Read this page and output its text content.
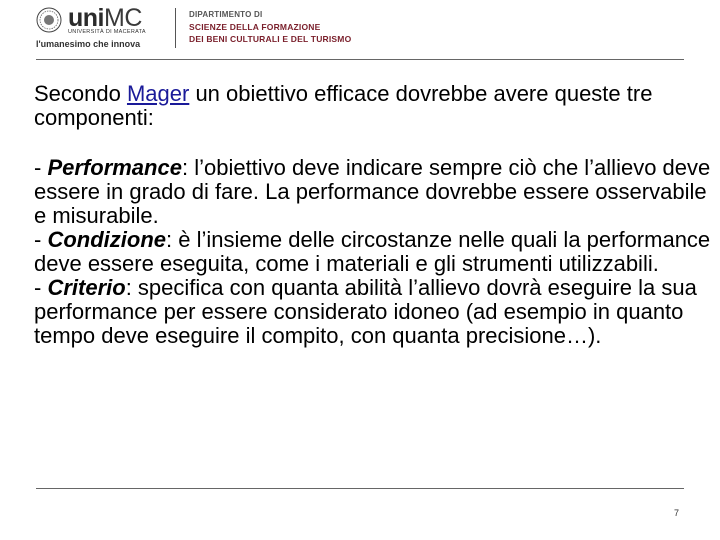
uniMC
UNIVERSITÀ DI MACERATA
l'umanesimo che innova
DIPARTIMENTO DI
SCIENZE DELLA FORMAZIONE
DEI BENI CULTURALI E DEL TURISMO

Secondo Mager un obiettivo efficace dovrebbe avere queste tre componenti:

- Performance: l’obiettivo deve indicare sempre ciò che l’allievo deve essere in grado di fare. La performance dovrebbe essere osservabile e misurabile.

- Condizione: è l’insieme delle circostanze nelle quali la performance deve essere eseguita, come i materiali e gli strumenti utilizzabili.

- Criterio: specifica con quanta abilità l’allievo dovrà eseguire la sua performance per essere considerato idoneo (ad esempio in quanto tempo deve eseguire il compito, con quanta precisione…).

7
